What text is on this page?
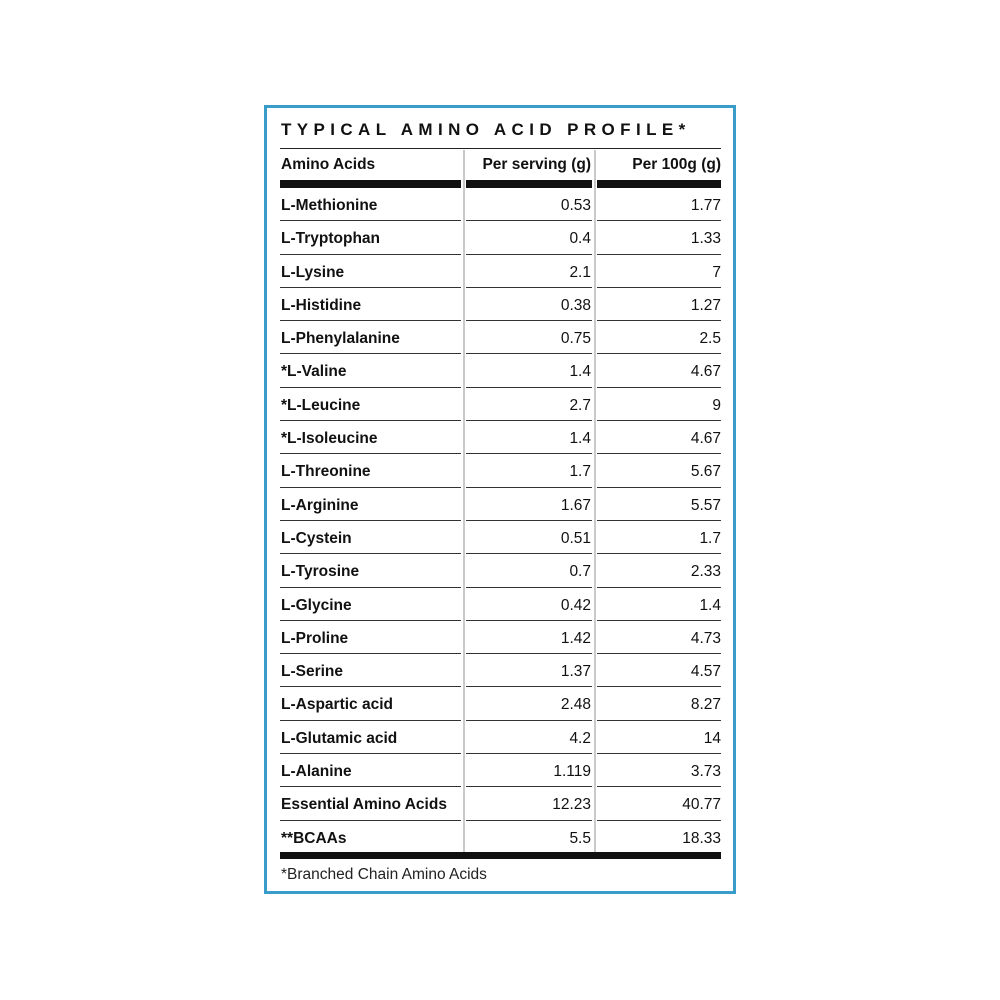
TYPICAL AMINO ACID PROFILE*
Amino Acids	Per serving (g)	Per 100g (g)
L-Methionine	0.53	1.77
L-Tryptophan	0.4	1.33
L-Lysine	2.1	7
L-Histidine	0.38	1.27
L-Phenylalanine	0.75	2.5
*L-Valine	1.4	4.67
*L-Leucine	2.7	9
*L-Isoleucine	1.4	4.67
L-Threonine	1.7	5.67
L-Arginine	1.67	5.57
L-Cystein	0.51	1.7
L-Tyrosine	0.7	2.33
L-Glycine	0.42	1.4
L-Proline	1.42	4.73
L-Serine	1.37	4.57
L-Aspartic acid	2.48	8.27
L-Glutamic acid	4.2	14
L-Alanine	1.119	3.73
Essential Amino Acids	12.23	40.77
**BCAAs	5.5	18.33
*Branched Chain Amino Acids
